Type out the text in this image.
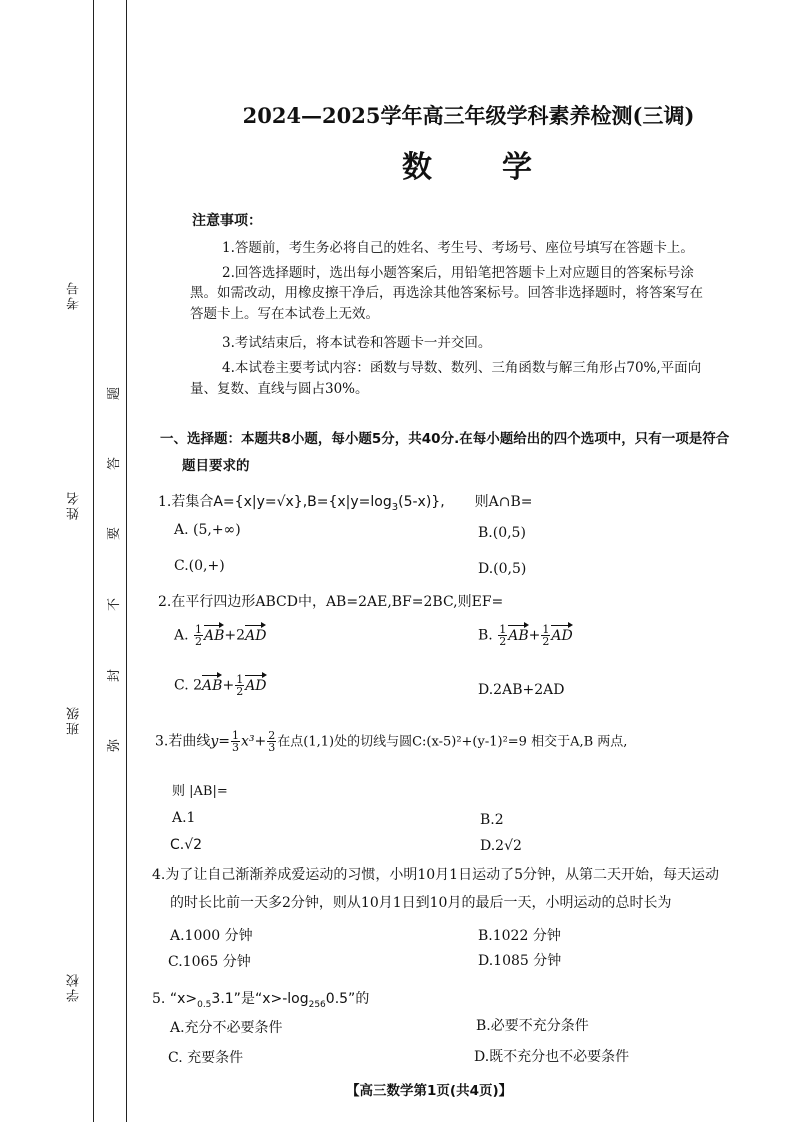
考号
姓名
班级
学校
题
答
要
不
封
弥
2024—2025学年高三年级学科素养检测(三调)
数学
注意事项：
1.答题前，考生务必将自己的姓名、考生号、考场号、座位号填写在答题卡上。
2.回答选择题时，选出每小题答案后，用铅笔把答题卡上对应题目的答案标号涂
黑。如需改动，用橡皮擦干净后，再选涂其他答案标号。回答非选择题时，将答案写在
答题卡上。写在本试卷上无效。
3.考试结束后，将本试卷和答题卡一并交回。
4.本试卷主要考试内容：函数与导数、数列、三角函数与解三角形占70%,平面向
量、复数、直线与圆占30%。
一、选择题：本题共8小题，每小题5分，共40分.在每小题给出的四个选项中，只有一项是符合
题目要求的
1.若集合$A=\{x|y=√x\},B=\{x|y=\log_3(5-x)\}$, 则A∩B=
A. (5,+∞)	B.(0,5)
C.(0,+)	D.(0,5)
2.在平行四边形ABCD中，AB=2AE,BF=2BC,则EF=
A. $\frac{1}{2} AB+2AD$	B. $\frac{1}{2} AB+ \frac{1}{2}$ AD
C. $2AB+ \frac{1}{2}$ AD	D.2AB+2AD
3.若曲线$y= \frac{1}{3} x^3+ \frac{2}{3}$ 在点(1,1)处的切线与圆C:(x-5)²+(y-1)²=9 相交于A,B 两点,
则 |AB|=
A.1	B.2
C.√2	D.2√2
4.为了让自己渐渐养成爱运动的习惯，小明10月1日运动了5分钟，从第二天开始，每天运动
的时长比前一天多2分钟，则从10月1日到10月的最后一天，小明运动的总时长为
A.1000 分钟	B.1022 分钟
C.1065 分钟	D.1085 分钟
5. “$x>_{0.5}3.1$”是“$x>-\log_{256}0.5$”的
A.充分不必要条件	B.必要不充分条件
C. 充要条件	D.既不充分也不必要条件
【高三数学第1页(共4页)】
